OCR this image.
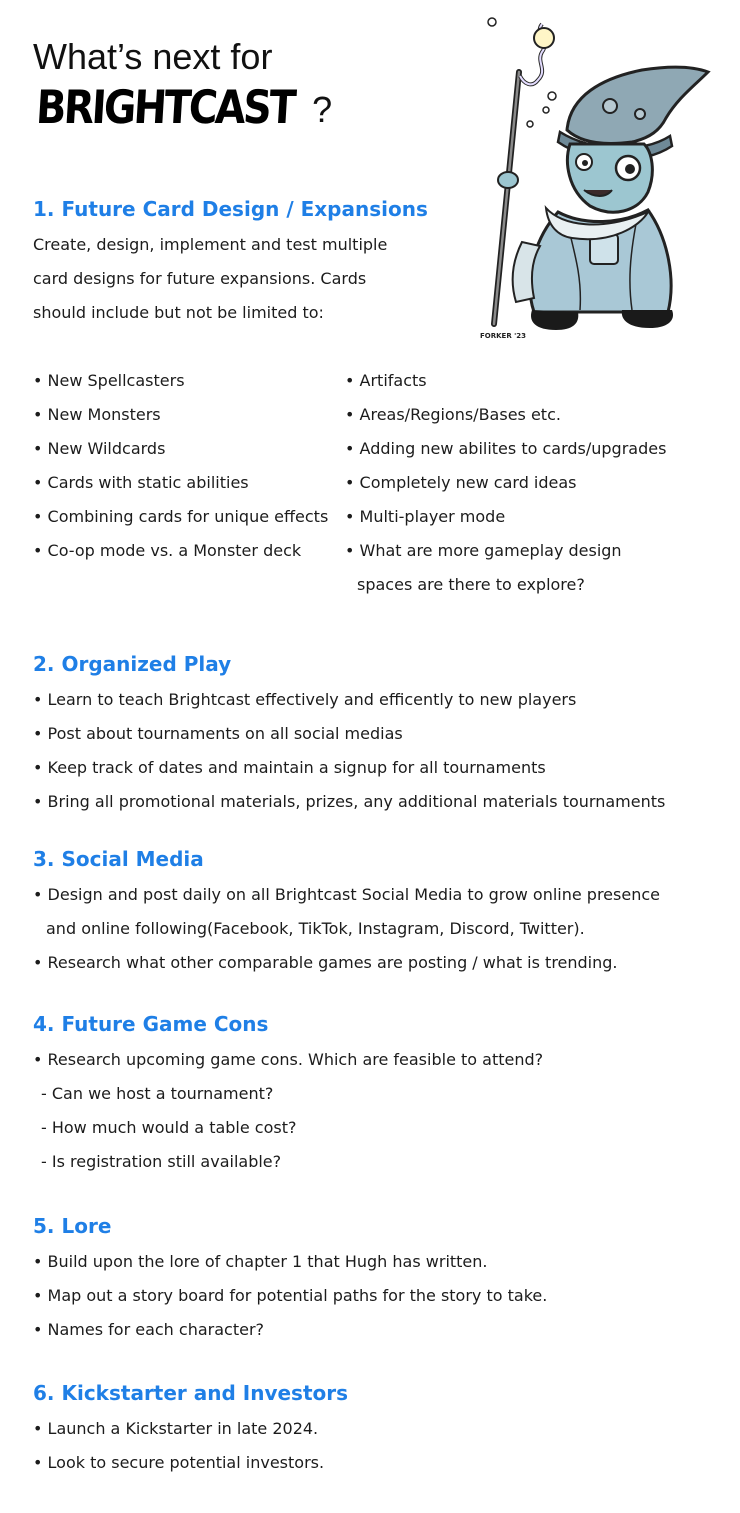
What’s next for
BRIGHTCAST ?
FORKER '23
1. Future Card Design / Expansions

Create, design, implement and test multiple

card designs for future expansions. Cards

should include but not be limited to:

• New Spellcasters

• New Monsters

• New Wildcards

• Cards with static abilities

• Combining cards for unique effects

• Co-op mode vs. a Monster deck

• Artifacts

• Areas/Regions/Bases etc.

• Adding new abilites to cards/upgrades

• Completely new card ideas

• Multi-player mode

• What are more gameplay design

spaces are there to explore?

2. Organized Play

• Learn to teach Brightcast effectively and efficently to new players

• Post about tournaments on all social medias

• Keep track of dates and maintain a signup for all tournaments

• Bring all promotional materials, prizes, any additional materials tournaments

3. Social Media

• Design and post daily on all Brightcast Social Media to grow online presence

and online following(Facebook, TikTok, Instagram, Discord, Twitter).

• Research what other comparable games are posting / what is trending.

4. Future Game Cons

• Research upcoming game cons. Which are feasible to attend?

- Can we host a tournament?

- How much would a table cost?

- Is registration still available?

5. Lore

• Build upon the lore of chapter 1 that Hugh has written.

• Map out a story board for potential paths for the story to take.

• Names for each character?

6. Kickstarter and Investors

• Launch a Kickstarter in late 2024.

• Look to secure potential investors.
